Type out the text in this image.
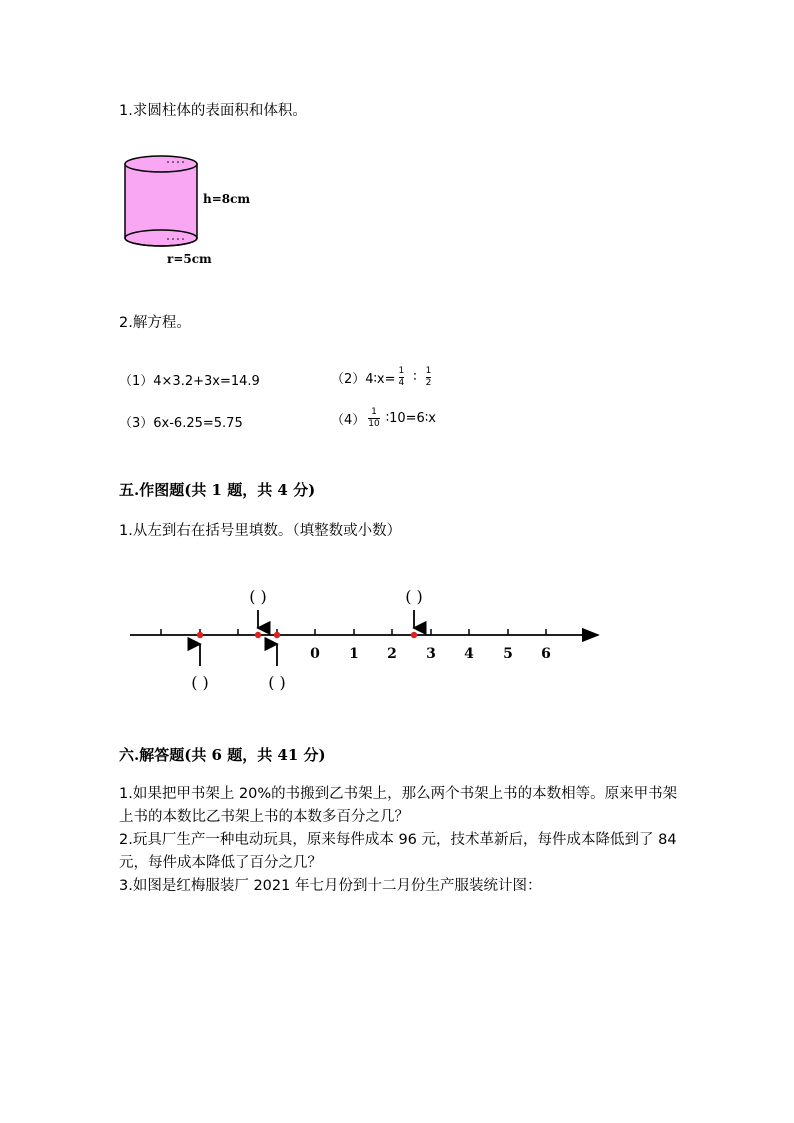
1.求圆柱体的表面积和体积。
h=8cm
r=5cm
2.解方程。
（1）4×3.2+3x=14.9	（2）4∶x= $\frac{1}{4}$ ∶ $\frac{1}{2}$
（3）6x-6.25=5.75	$(4) \frac{1}{10}$ ∶10=6∶x
五.作图题(共 1 题，共 4 分)
1.从左到右在括号里填数。（填整数或小数）
0 1 2 3 4 5 6
( )	( )
( )	( )
六.解答题(共 6 题，共 41 分)
1.如果把甲书架上 20%的书搬到乙书架上，那么两个书架上书的本数相等。原来甲书架上书的本数比乙书架上书的本数多百分之几？
2.玩具厂生产一种电动玩具，原来每件成本 96 元，技术革新后，每件成本降低到了 84 元，每件成本降低了百分之几？
3.如图是红梅服装厂 2021 年七月份到十二月份生产服装统计图：
